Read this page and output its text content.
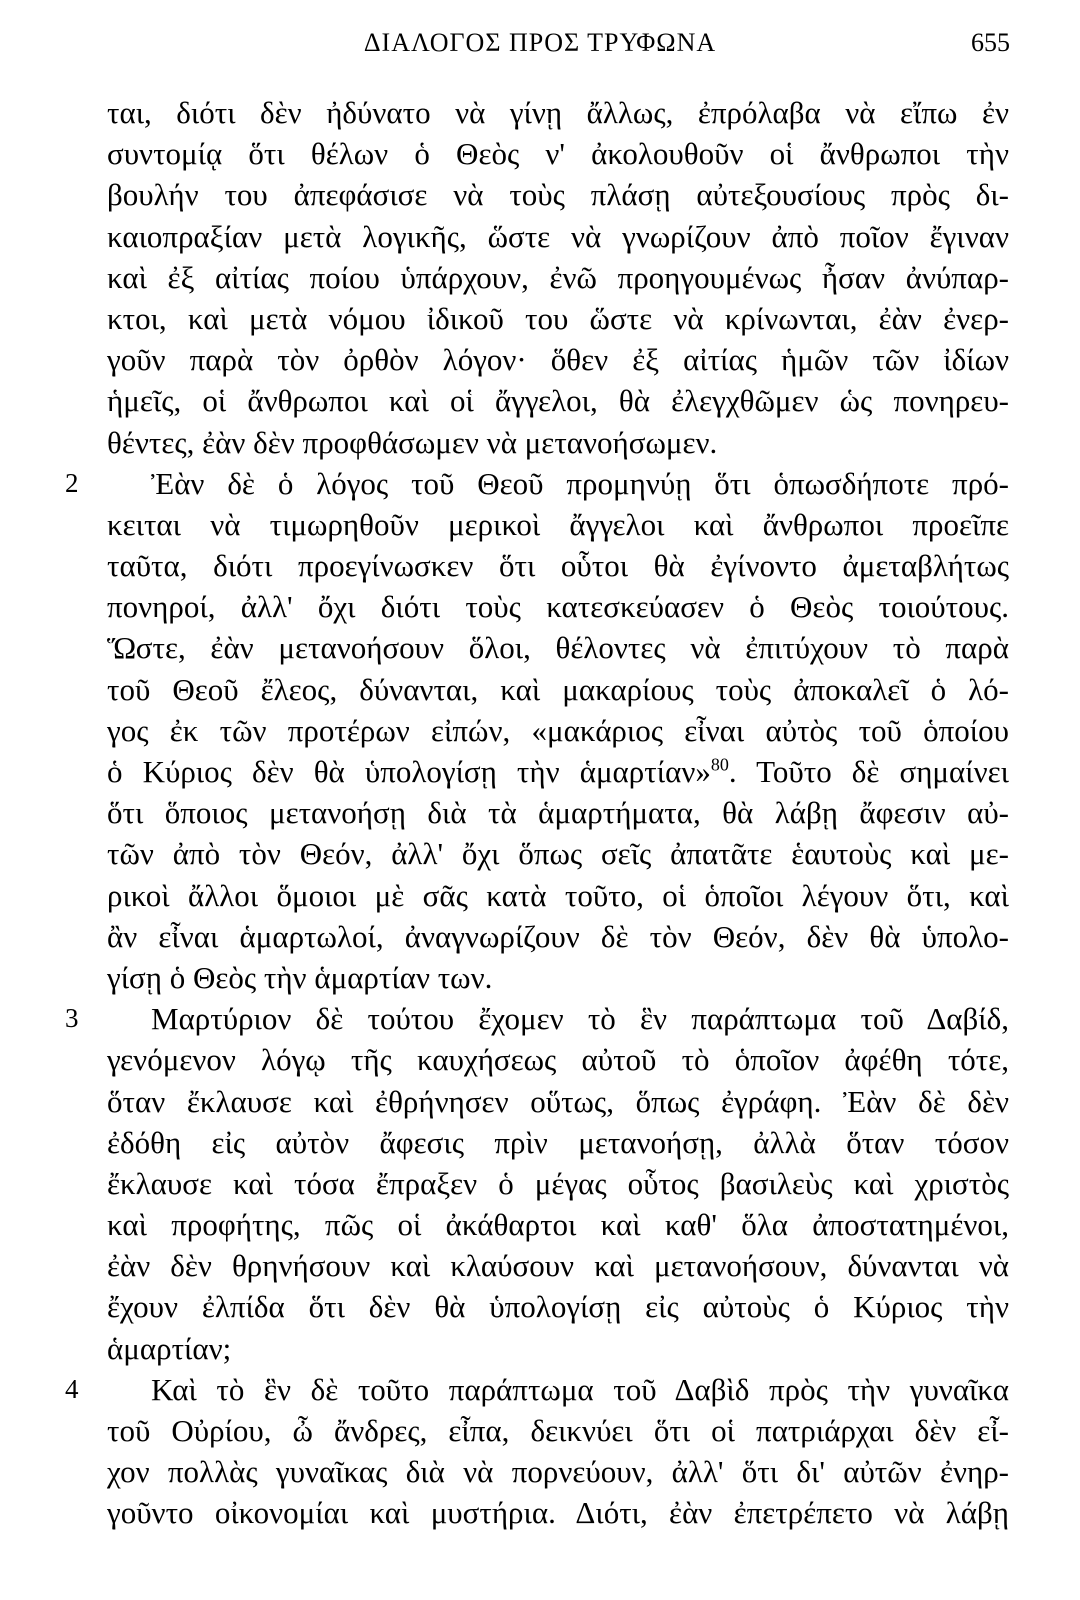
ΔΙΑΛΟΓΟΣ ΠΡΟΣ ΤΡΥΦΩΝΑ	655
ται, διότι δὲν ἠδύνατο νὰ γίνῃ ἄλλως, ἐπρόλαβα νὰ εἴπω ἐν
συντομίᾳ ὅτι θέλων ὁ Θεὸς ν' ἀκολουθοῦν οἱ ἄνθρωποι τὴν
βουλήν του ἀπεφάσισε νὰ τοὺς πλάσῃ αὐτεξουσίους πρὸς δι-
καιοπραξίαν μετὰ λογικῆς, ὥστε νὰ γνωρίζουν ἀπὸ ποῖον ἔγιναν
καὶ ἐξ αἰτίας ποίου ὑπάρχουν, ἐνῶ προηγουμένως ἦσαν ἀνύπαρ-
κτοι, καὶ μετὰ νόμου ἰδικοῦ του ὥστε νὰ κρίνωνται, ἐὰν ἐνερ-
γοῦν παρὰ τὸν ὀρθὸν λόγον· ὅθεν ἐξ αἰτίας ἡμῶν τῶν ἰδίων
ἡμεῖς, οἱ ἄνθρωποι καὶ οἱ ἄγγελοι, θὰ ἐλεγχθῶμεν ὡς πονηρευ-
θέντες, ἐὰν δὲν προφθάσωμεν νὰ μετανοήσωμεν.
2	Ἐὰν δὲ ὁ λόγος τοῦ Θεοῦ προμηνύῃ ὅτι ὁπωσδήποτε πρό-
κειται νὰ τιμωρηθοῦν μερικοὶ ἄγγελοι καὶ ἄνθρωποι προεῖπε
ταῦτα, διότι προεγίνωσκεν ὅτι οὗτοι θὰ ἐγίνοντο ἀμεταβλήτως
πονηροί, ἀλλ' ὄχι διότι τοὺς κατεσκεύασεν ὁ Θεὸς τοιούτους.
Ὥστε, ἐὰν μετανοήσουν ὅλοι, θέλοντες νὰ ἐπιτύχουν τὸ παρὰ
τοῦ Θεοῦ ἔλεος, δύνανται, καὶ μακαρίους τοὺς ἀποκαλεῖ ὁ λό-
γος ἐκ τῶν προτέρων εἰπών, «μακάριος εἶναι αὐτὸς τοῦ ὁποίου
ὁ Κύριος δὲν θὰ ὑπολογίσῃ τὴν ἁμαρτίαν»$^{80}$. Τοῦτο δὲ σημαίνει
ὅτι ὅποιος μετανοήσῃ διὰ τὰ ἁμαρτήματα, θὰ λάβῃ ἄφεσιν αὐ-
τῶν ἀπὸ τὸν Θεόν, ἀλλ' ὄχι ὅπως σεῖς ἀπατᾶτε ἑαυτοὺς καὶ με-
ρικοὶ ἄλλοι ὅμοιοι μὲ σᾶς κατὰ τοῦτο, οἱ ὁποῖοι λέγουν ὅτι, καὶ
ἂν εἶναι ἁμαρτωλοί, ἀναγνωρίζουν δὲ τὸν Θεόν, δὲν θὰ ὑπολο-
γίσῃ ὁ Θεὸς τὴν ἁμαρτίαν των.
3	Μαρτύριον δὲ τούτου ἔχομεν τὸ ἓν παράπτωμα τοῦ Δαβίδ,
γενόμενον λόγῳ τῆς καυχήσεως αὐτοῦ τὸ ὁποῖον ἀφέθη τότε,
ὅταν ἔκλαυσε καὶ ἐθρήνησεν οὕτως, ὅπως ἐγράφη. Ἐὰν δὲ δὲν
ἐδόθη εἰς αὐτὸν ἄφεσις πρὶν μετανοήσῃ, ἀλλὰ ὅταν τόσον
ἔκλαυσε καὶ τόσα ἔπραξεν ὁ μέγας οὗτος βασιλεὺς καὶ χριστὸς
καὶ προφήτης, πῶς οἱ ἀκάθαρτοι καὶ καθ' ὅλα ἀποστατημένοι,
ἐὰν δὲν θρηνήσουν καὶ κλαύσουν καὶ μετανοήσουν, δύνανται νὰ
ἔχουν ἐλπίδα ὅτι δὲν θὰ ὑπολογίσῃ εἰς αὐτοὺς ὁ Κύριος τὴν
ἁμαρτίαν;
4	Καὶ τὸ ἓν δὲ τοῦτο παράπτωμα τοῦ Δαβὶδ πρὸς τὴν γυναῖκα
τοῦ Οὐρίου, ὦ ἄνδρες, εἶπα, δεικνύει ὅτι οἱ πατριάρχαι δὲν εἶ-
χον πολλὰς γυναῖκας διὰ νὰ πορνεύουν, ἀλλ' ὅτι δι' αὐτῶν ἐνηρ-
γοῦντο οἰκονομίαι καὶ μυστήρια. Διότι, ἐὰν ἐπετρέπετο νὰ λάβῃ
